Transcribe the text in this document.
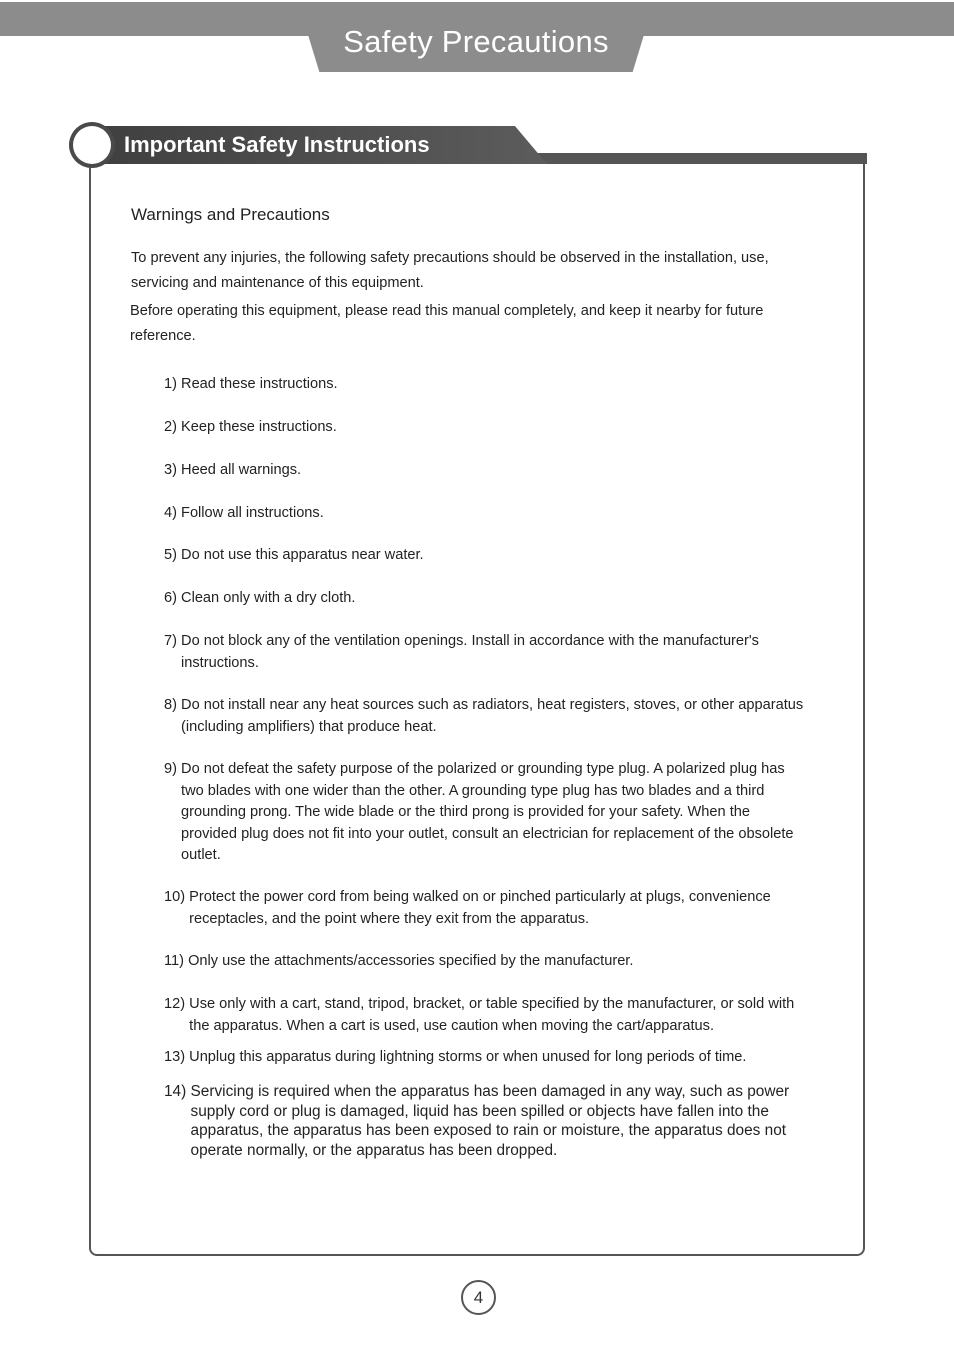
Safety Precautions
Important Safety Instructions
Warnings and Precautions
To prevent any injuries, the following safety precautions should be observed in the installation, use, servicing and maintenance of this equipment.
Before operating this equipment, please read this manual completely, and keep it nearby for future reference.
1) Read these instructions.
2) Keep these instructions.
3) Heed all warnings.
4) Follow all instructions.
5) Do not use this apparatus near water.
6) Clean only with a dry cloth.
7) Do not block any of the ventilation openings. Install in accordance with the manufacturer's instructions.
8) Do not install near any heat sources such as radiators, heat registers, stoves, or other apparatus (including amplifiers) that produce heat.
9) Do not defeat the safety purpose of the polarized or grounding type plug. A polarized plug has two blades with one wider than the other. A grounding type plug has two blades and a third grounding prong. The wide blade or the third prong is provided for your safety. When the provided plug does not fit into your outlet, consult an electrician for replacement of the obsolete outlet.
10) Protect the power cord from being walked on or pinched particularly at plugs, convenience receptacles, and the point where they exit from the apparatus.
11) Only use the attachments/accessories specified by the manufacturer.
12) Use only with a cart, stand, tripod, bracket, or table specified by the manufacturer, or sold with the apparatus. When a cart is used, use caution when moving the cart/apparatus.
13) Unplug this apparatus during lightning storms or when unused for long periods of time.
14) Servicing is required when the apparatus has been damaged in any way, such as power supply cord or plug is damaged, liquid has been spilled or objects have fallen into the apparatus, the apparatus has been exposed to rain or moisture, the apparatus does not operate normally, or the apparatus has been dropped.
4
